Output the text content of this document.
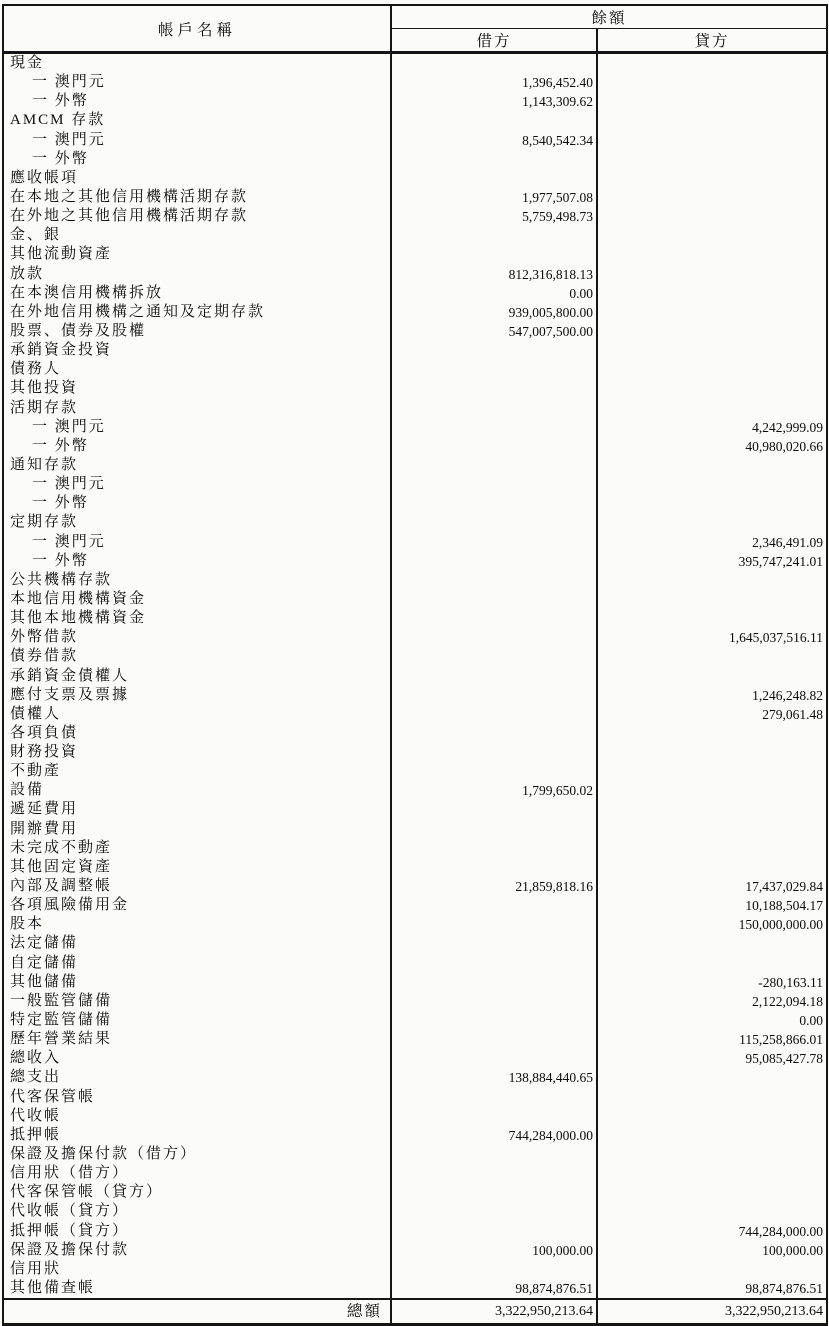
帳戶名稱	餘額	
	借方	貸方
現金		
一 澳門元	1,396,452.40	
一 外幣	1,143,309.62	
AMCM 存款		
一 澳門元	8,540,542.34	
一 外幣		
應收帳項		
在本地之其他信用機構活期存款	1,977,507.08	
在外地之其他信用機構活期存款	5,759,498.73	
金、銀		
其他流動資產		
放款	812,316,818.13	
在本澳信用機構拆放	0.00	
在外地信用機構之通知及定期存款	939,005,800.00	
股票、債券及股權	547,007,500.00	
承銷資金投資		
債務人		
其他投資		
活期存款		
一 澳門元		4,242,999.09
一 外幣		40,980,020.66
通知存款		
一 澳門元		
一 外幣		
定期存款		
一 澳門元		2,346,491.09
一 外幣		395,747,241.01
公共機構存款		
本地信用機構資金		
其他本地機構資金		
外幣借款		1,645,037,516.11
債券借款		
承銷資金債權人		
應付支票及票據		1,246,248.82
債權人		279,061.48
各項負債		
財務投資		
不動產		
設備	1,799,650.02	
遞延費用		
開辦費用		
未完成不動產		
其他固定資產		
內部及調整帳	21,859,818.16	17,437,029.84
各項風險備用金		10,188,504.17
股本		150,000,000.00
法定儲備		
自定儲備		
其他儲備		-280,163.11
一般監管儲備		2,122,094.18
特定監管儲備		0.00
歷年營業結果		115,258,866.01
總收入		95,085,427.78
總支出	138,884,440.65	
代客保管帳		
代收帳		
抵押帳	744,284,000.00	
保證及擔保付款（借方）		
信用狀（借方）		
代客保管帳（貸方）		
代收帳（貸方）		
抵押帳（貸方）		744,284,000.00
保證及擔保付款	100,000.00	100,000.00
信用狀		
其他備查帳	98,874,876.51	98,874,876.51
總額	3,322,950,213.64	3,322,950,213.64
